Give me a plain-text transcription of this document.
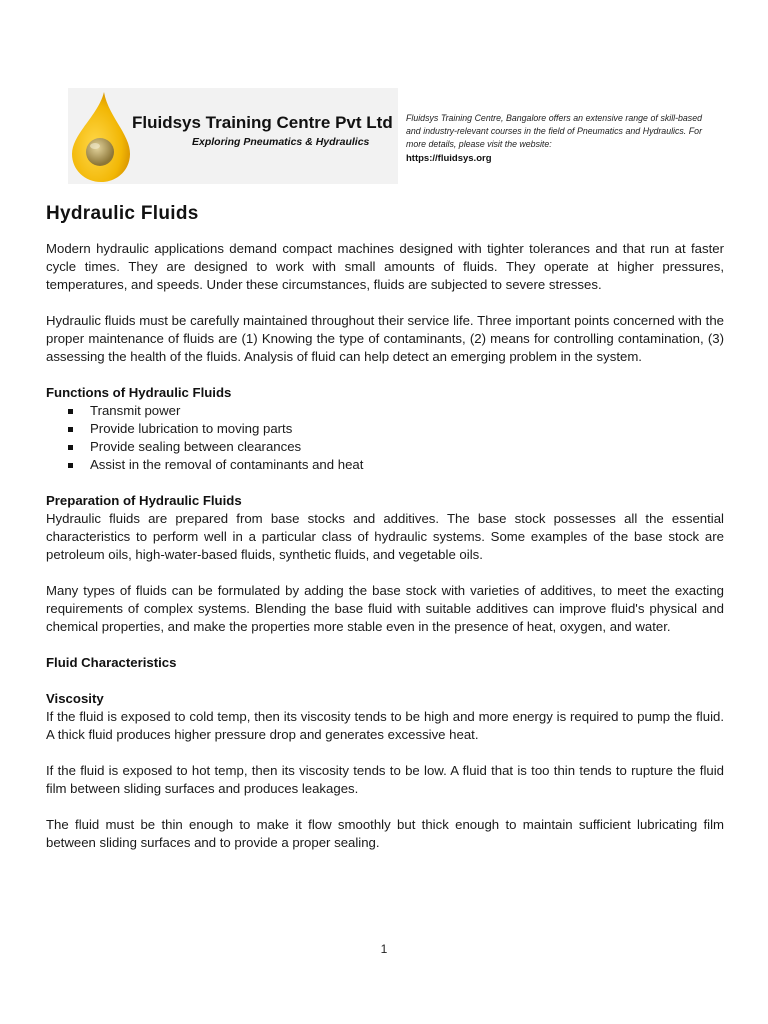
Fluidsys Training Centre Pvt Ltd
Exploring Pneumatics & Hydraulics
Fluidsys Training Centre, Bangalore offers an extensive range of skill-based and industry-relevant courses in the field of Pneumatics and Hydraulics. For more details, please visit the website:
https://fluidsys.org
Hydraulic Fluids

Modern hydraulic applications demand compact machines designed with tighter tolerances and that run at faster cycle times. They are designed to work with small amounts of fluids. They operate at higher pressures, temperatures, and speeds. Under these circumstances, fluids are subjected to severe stresses.

Hydraulic fluids must be carefully maintained throughout their service life. Three important points concerned with the proper maintenance of fluids are (1) Knowing the type of contaminants, (2) means for controlling contamination, (3) assessing the health of the fluids. Analysis of fluid can help detect an emerging problem in the system.

Functions of Hydraulic Fluids
Transmit power
Provide lubrication to moving parts
Provide sealing between clearances
Assist in the removal of contaminants and heat
Preparation of Hydraulic Fluids

Hydraulic fluids are prepared from base stocks and additives. The base stock possesses all the essential characteristics to perform well in a particular class of hydraulic systems. Some examples of the base stock are petroleum oils, high-water-based fluids, synthetic fluids, and vegetable oils.

Many types of fluids can be formulated by adding the base stock with varieties of additives, to meet the exacting requirements of complex systems. Blending the base fluid with suitable additives can improve fluid's physical and chemical properties, and make the properties more stable even in the presence of heat, oxygen, and water.

Fluid Characteristics
Viscosity

If the fluid is exposed to cold temp, then its viscosity tends to be high and more energy is required to pump the fluid. A thick fluid produces higher pressure drop and generates excessive heat.

If the fluid is exposed to hot temp, then its viscosity tends to be low. A fluid that is too thin tends to rupture the fluid film between sliding surfaces and produces leakages.

The fluid must be thin enough to make it flow smoothly but thick enough to maintain sufficient lubricating film between sliding surfaces and to provide a proper sealing.

1
